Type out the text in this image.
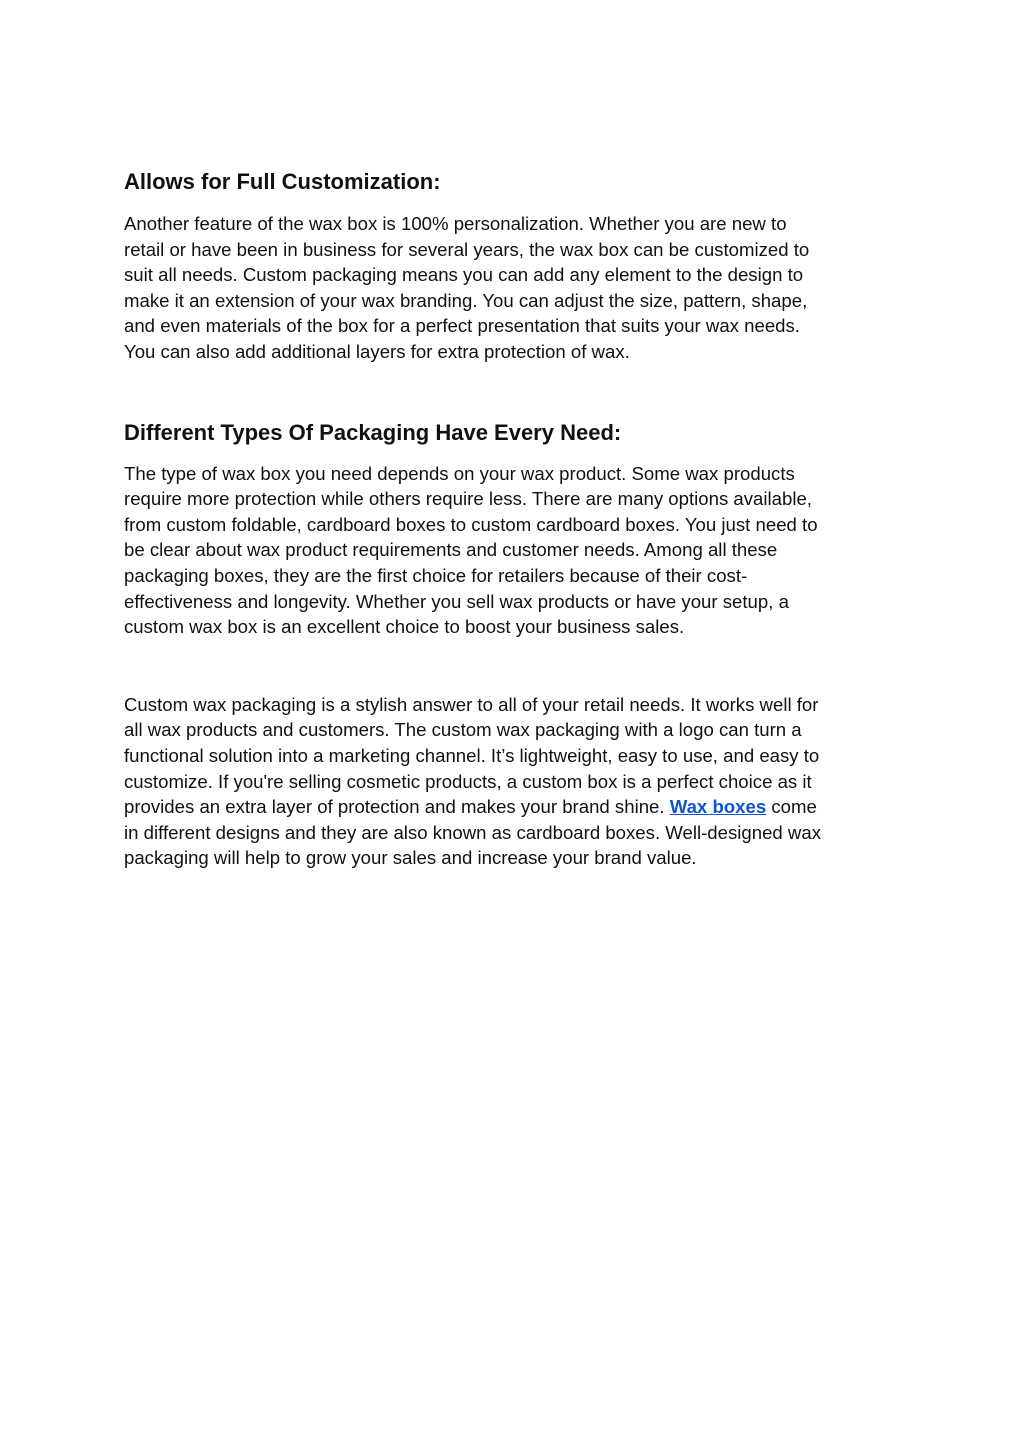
Allows for Full Customization:
Another feature of the wax box is 100% personalization. Whether you are new to
retail or have been in business for several years, the wax box can be customized to
suit all needs. Custom packaging means you can add any element to the design to
make it an extension of your wax branding. You can adjust the size, pattern, shape,
and even materials of the box for a perfect presentation that suits your wax needs.
You can also add additional layers for extra protection of wax.
Different Types Of Packaging Have Every Need:
The type of wax box you need depends on your wax product. Some wax products
require more protection while others require less. There are many options available,
from custom foldable, cardboard boxes to custom cardboard boxes. You just need to
be clear about wax product requirements and customer needs. Among all these
packaging boxes, they are the first choice for retailers because of their cost-
effectiveness and longevity. Whether you sell wax products or have your setup, a
custom wax box is an excellent choice to boost your business sales.
Custom wax packaging is a stylish answer to all of your retail needs. It works well for
all wax products and customers. The custom wax packaging with a logo can turn a
functional solution into a marketing channel. It’s lightweight, easy to use, and easy to
customize. If you're selling cosmetic products, a custom box is a perfect choice as it
provides an extra layer of protection and makes your brand shine. Wax boxes come
in different designs and they are also known as cardboard boxes. Well-designed wax
packaging will help to grow your sales and increase your brand value.
